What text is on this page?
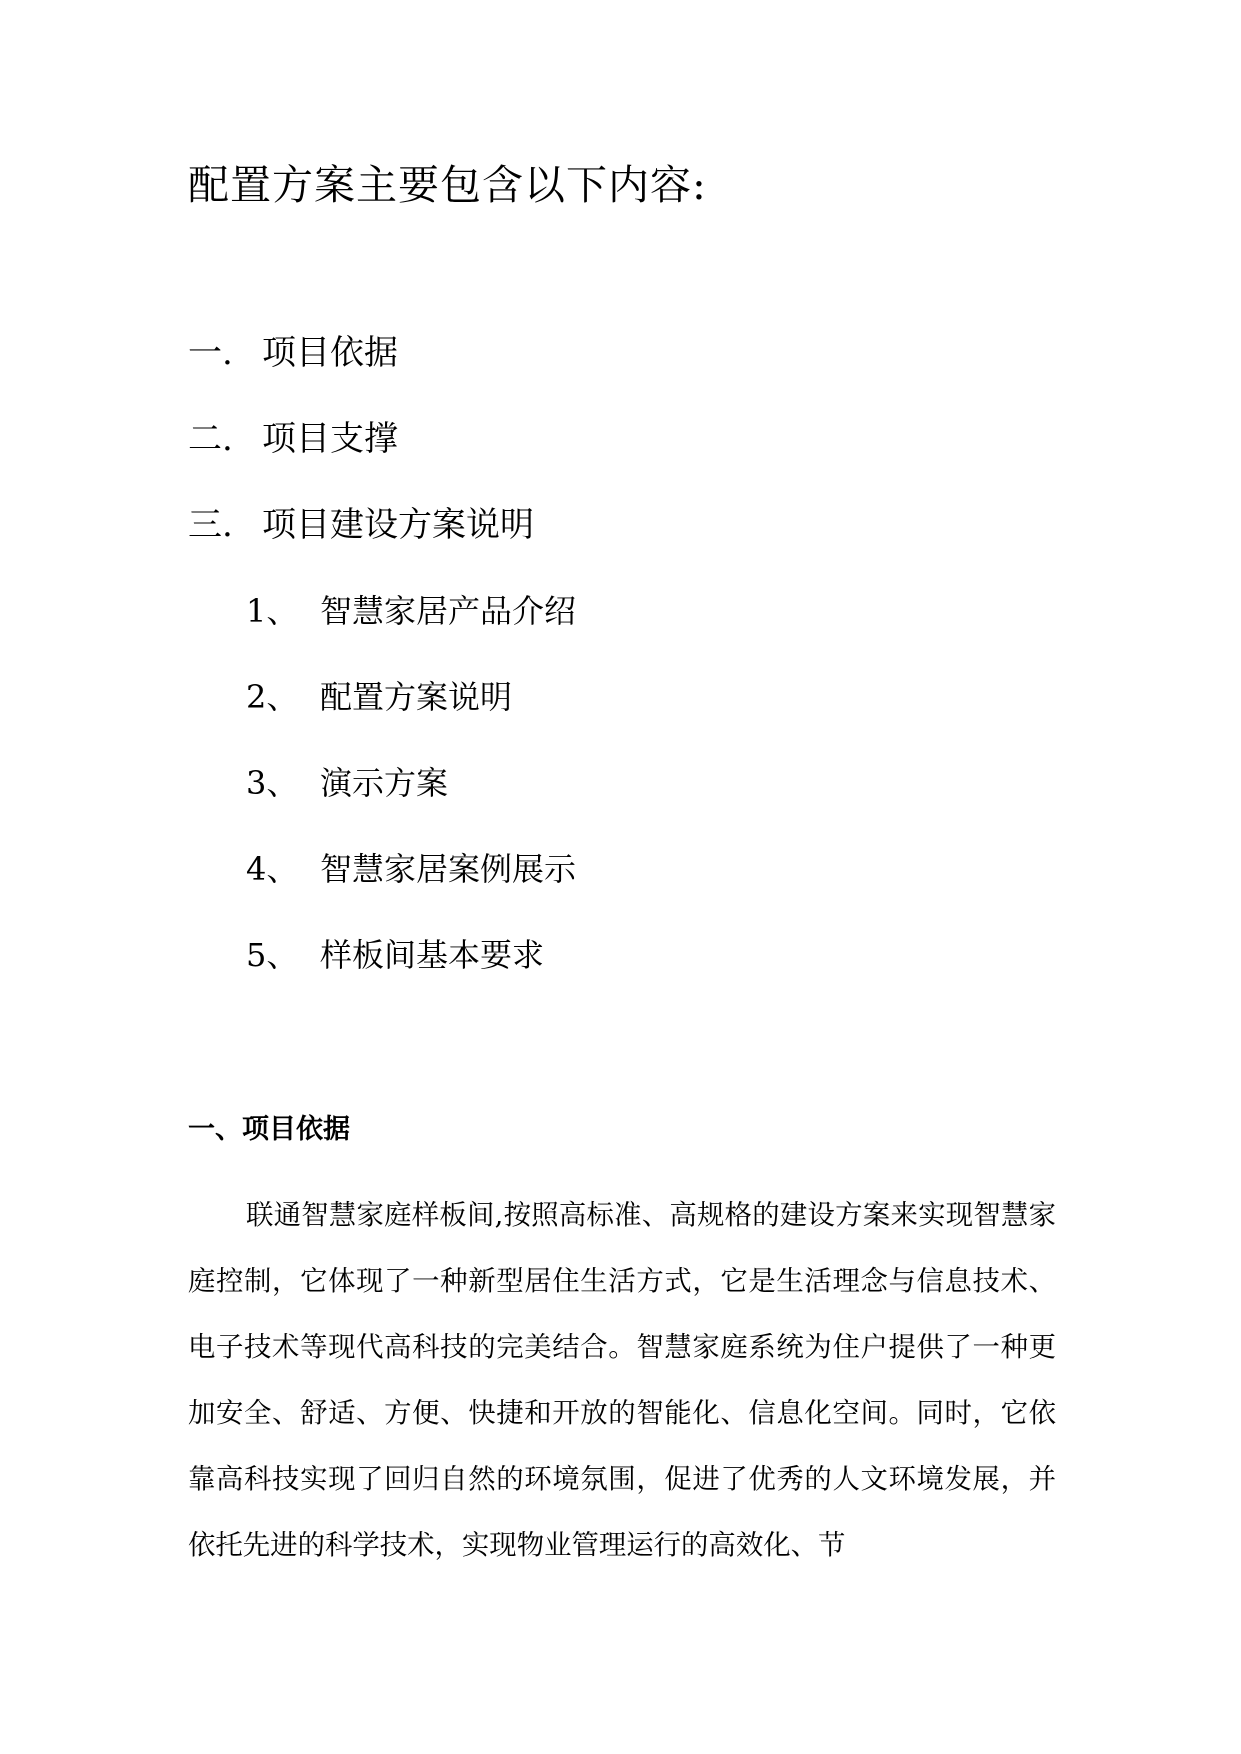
配置方案主要包含以下内容:
一. 项目依据
二. 项目支撑
三. 项目建设方案说明
1、 智慧家居产品介绍
2、 配置方案说明
3、 演示方案
4、 智慧家居案例展示
5、 样板间基本要求
一、项目依据

联通智慧家庭样板间,按照高标准、高规格的建设方案来实现智慧家庭控制，它体现了一种新型居住生活方式，它是生活理念与信息技术、电子技术等现代高科技的完美结合。智慧家庭系统为住户提供了一种更加安全、舒适、方便、快捷和开放的智能化、信息化空间。同时，它依靠高科技实现了回归自然的环境氛围，促进了优秀的人文环境发展，并依托先进的科学技术，实现物业管理运行的高效化、节
